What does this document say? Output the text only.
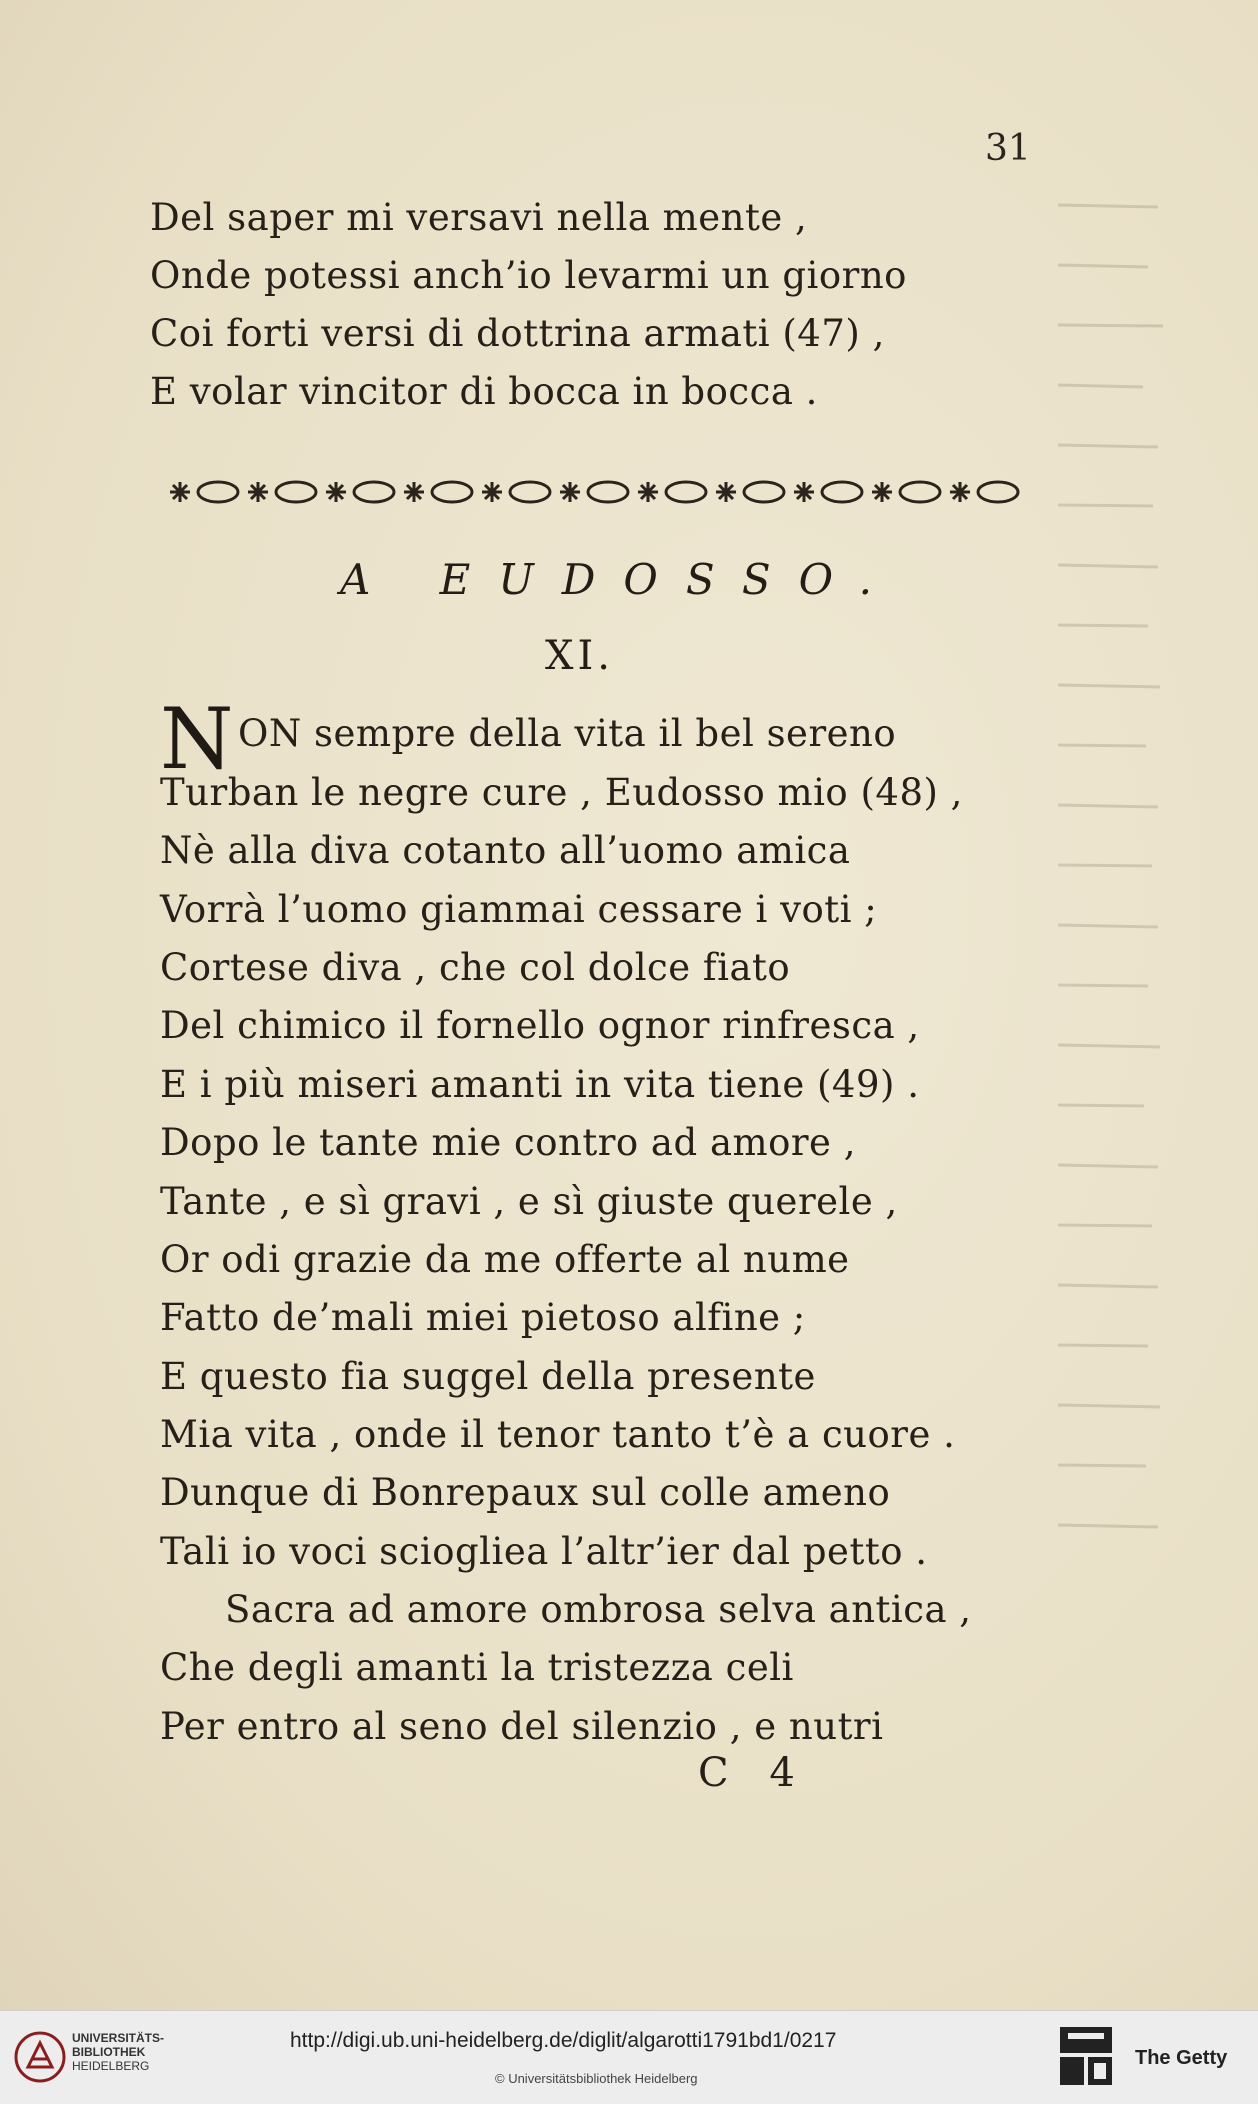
31
Del saper mi versavi nella mente ,
Onde potessi anch’io levarmi un giorno
Coi forti versi di dottrina armati (47) ,
E volar vincitor di bocca in bocca .
A EUDOSSO.
XI.
N ON sempre della vita il bel sereno
Turban le negre cure , Eudosso mio (48) ,
Nè alla diva cotanto all’uomo amica
Vorrà l’uomo giammai cessare i voti ;
Cortese diva , che col dolce fiato
Del chimico il fornello ognor rinfresca ,
E i più miseri amanti in vita tiene (49) .
Dopo le tante mie contro ad amore ,
Tante , e sì gravi , e sì giuste querele ,
Or odi grazie da me offerte al nume
Fatto de’mali miei pietoso alfine ;
E questo fia suggel della presente
Mia vita , onde il tenor tanto t’è a cuore .
Dunque di Bonrepaux sul colle ameno
Tali io voci sciogliea l’altr’ier dal petto .
Sacra ad amore ombrosa selva antica ,
Che degli amanti la tristezza celi
Per entro al seno del silenzio , e nutri
C 4
UNIVERSITÄTS-
BIBLIOTHEK
HEIDELBERG
http://digi.ub.uni-heidelberg.de/diglit/algarotti1791bd1/0217
© Universitätsbibliothek Heidelberg
The Getty
